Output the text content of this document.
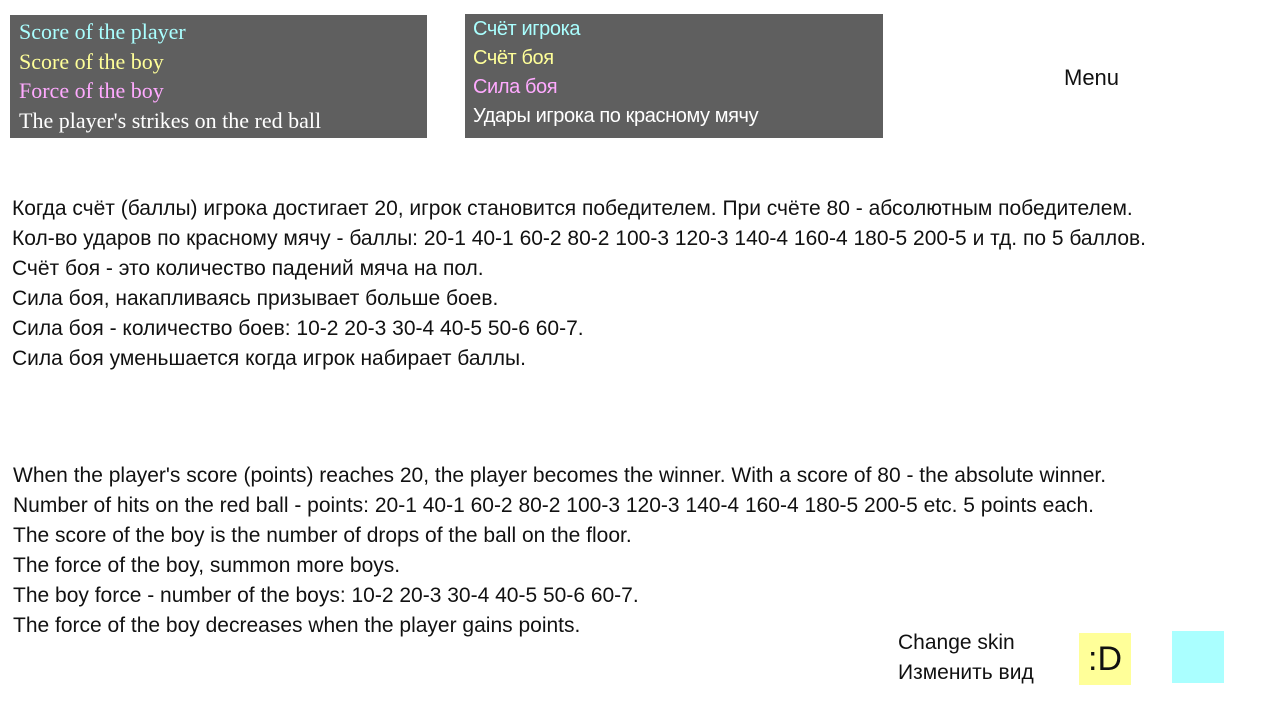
Score of the player
Score of the boy
Force of the boy
The player's strikes on the red ball
Счёт игрока
Счёт боя
Сила боя
Удары игрока по красному мячу
Menu
Когда счёт (баллы) игрока достигает 20, игрок становится победителем. При счёте 80 - абсолютным победителем.
Кол-во ударов по красному мячу - баллы: 20-1 40-1 60-2 80-2 100-3 120-3 140-4 160-4 180-5 200-5 и тд. по 5 баллов.
Счёт боя - это количество падений мяча на пол.
Сила боя, накапливаясь призывает больше боев.
Сила боя - количество боев: 10-2 20-3 30-4 40-5 50-6 60-7.
Сила боя уменьшается когда игрок набирает баллы.
When the player's score (points) reaches 20, the player becomes the winner. With a score of 80 - the absolute winner.
Number of hits on the red ball - points: 20-1 40-1 60-2 80-2 100-3 120-3 140-4 160-4 180-5 200-5 etc. 5 points each.
The score of the boy is the number of drops of the ball on the floor.
The force of the boy, summon more boys.
The boy force - number of the boys: 10-2 20-3 30-4 40-5 50-6 60-7.
The force of the boy decreases when the player gains points.
Change skin
Изменить вид :D
